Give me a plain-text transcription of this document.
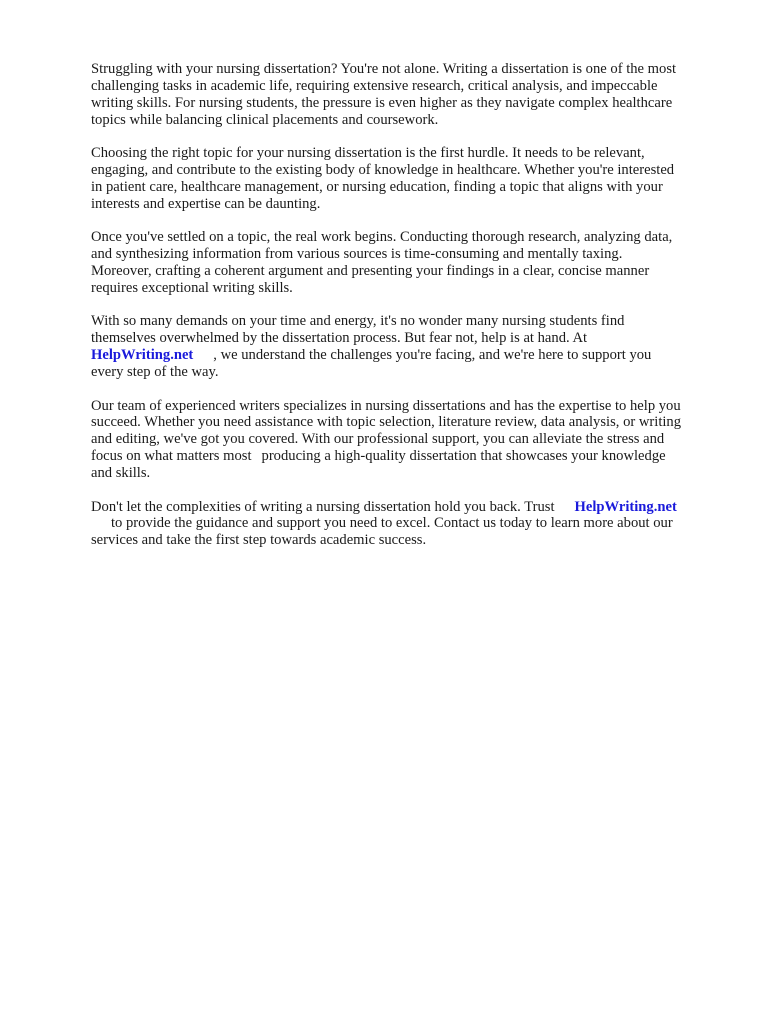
Struggling with your nursing dissertation? You're not alone. Writing a dissertation is one of the most
challenging tasks in academic life, requiring extensive research, critical analysis, and impeccable
writing skills. For nursing students, the pressure is even higher as they navigate complex healthcare
topics while balancing clinical placements and coursework.

Choosing the right topic for your nursing dissertation is the first hurdle. It needs to be relevant,
engaging, and contribute to the existing body of knowledge in healthcare. Whether you're interested
in patient care, healthcare management, or nursing education, finding a topic that aligns with your
interests and expertise can be daunting.

Once you've settled on a topic, the real work begins. Conducting thorough research, analyzing data,
and synthesizing information from various sources is time-consuming and mentally taxing.
Moreover, crafting a coherent argument and presenting your findings in a clear, concise manner
requires exceptional writing skills.

With so many demands on your time and energy, it's no wonder many nursing students find
themselves overwhelmed by the dissertation process. But fear not, help is at hand. At
HelpWriting.net , we understand the challenges you're facing, and we're here to support you
every step of the way.

Our team of experienced writers specializes in nursing dissertations and has the expertise to help you
succeed. Whether you need assistance with topic selection, literature review, data analysis, or writing
and editing, we've got you covered. With our professional support, you can alleviate the stress and
focus on what matters most producing a high-quality dissertation that showcases your knowledge
and skills.

Don't let the complexities of writing a nursing dissertation hold you back. Trust HelpWriting.net
to provide the guidance and support you need to excel. Contact us today to learn more about our
services and take the first step towards academic success.
